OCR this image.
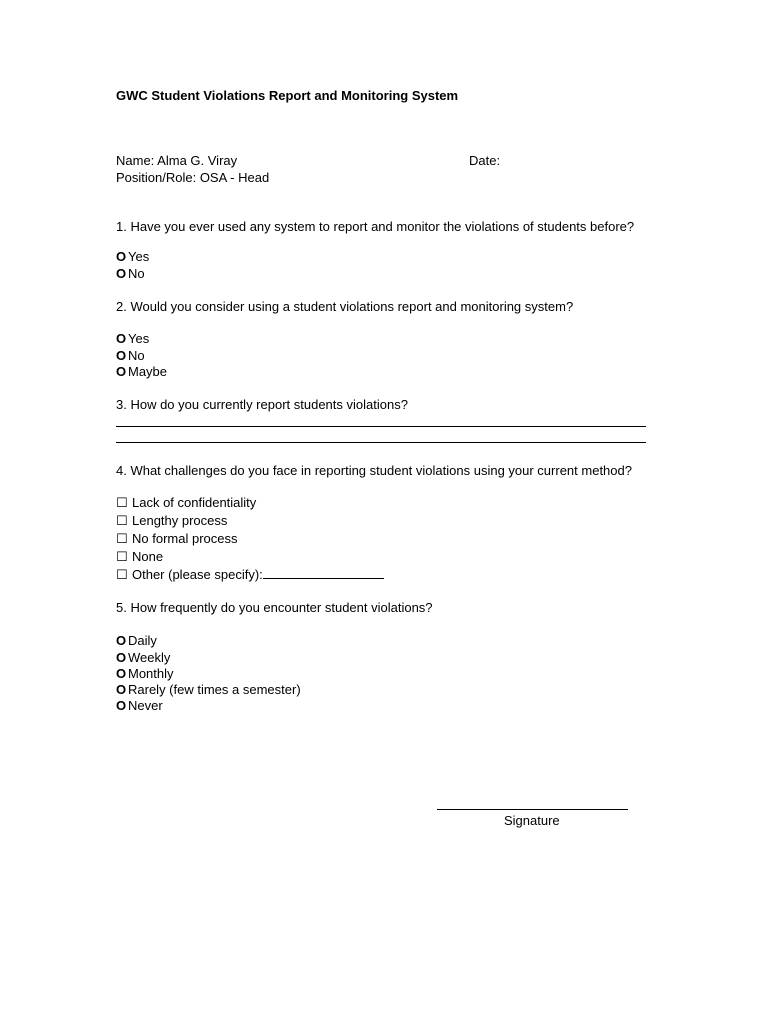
GWC Student Violations Report and Monitoring System
Name: Alma G. Viray	Date:
Position/Role: OSA - Head
1. Have you ever used any system to report and monitor the violations of students before?
O Yes
O No
2. Would you consider using a student violations report and monitoring system?
O Yes
O No
O Maybe
3. How do you currently report students violations?
4. What challenges do you face in reporting student violations using your current method?
☐ Lack of confidentiality
☐ Lengthy process
☐ No formal process
☐ None
☐ Other (please specify):
5. How frequently do you encounter student violations?
O Daily
O Weekly
O Monthly
O Rarely (few times a semester)
O Never
Signature
